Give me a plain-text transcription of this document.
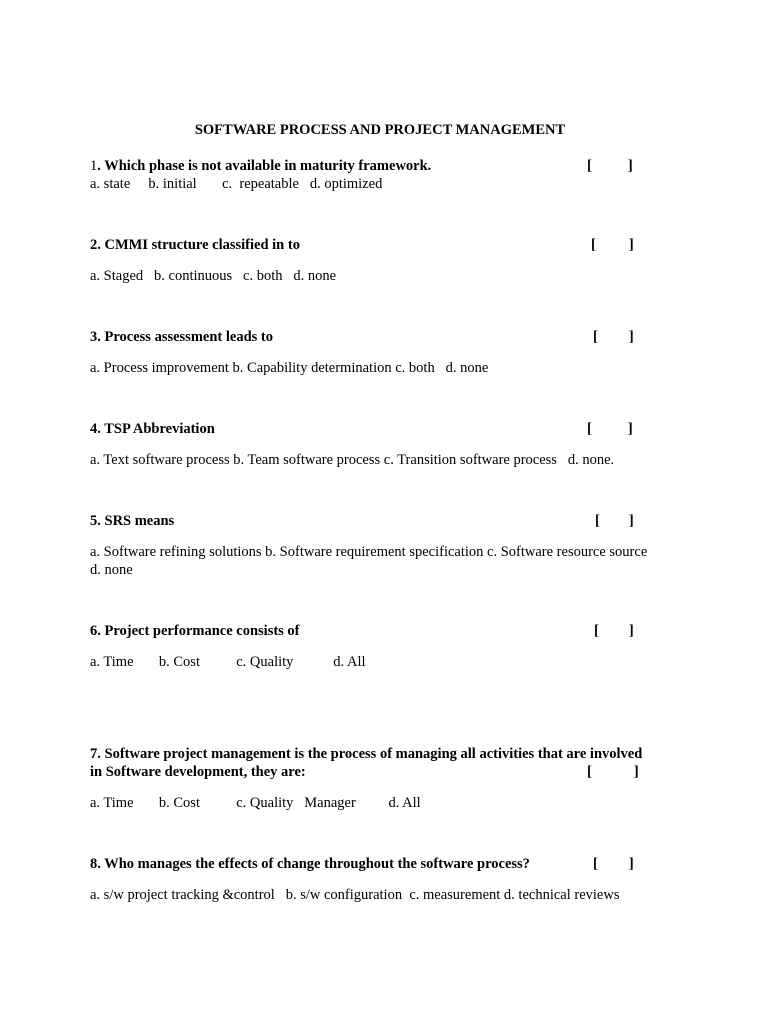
SOFTWARE PROCESS AND PROJECT MANAGEMENT
1. Which phase is not available in maturity framework.	[ ]
a. state     b. initial       c.  repeatable   d. optimized
2. CMMI structure classified in to	[ ]
a. Staged   b. continuous   c. both   d. none
3. Process assessment leads to	[ ]
a. Process improvement b. Capability determination c. both   d. none
4. TSP Abbreviation	[ ]
a. Text software process b. Team software process c. Transition software process   d. none.
5. SRS means	[ ]
a. Software refining solutions b. Software requirement specification c. Software resource source
d. none
6. Project performance consists of	[ ]
a. Time       b. Cost          c. Quality           d. All
7. Software project management is the process of managing all activities that are involved
in Software development, they are:	[	]
a. Time       b. Cost          c. Quality   Manager         d. All
8. Who manages the effects of change throughout the software process?	[ ]
a. s/w project tracking &control   b. s/w configuration  c. measurement d. technical reviews
